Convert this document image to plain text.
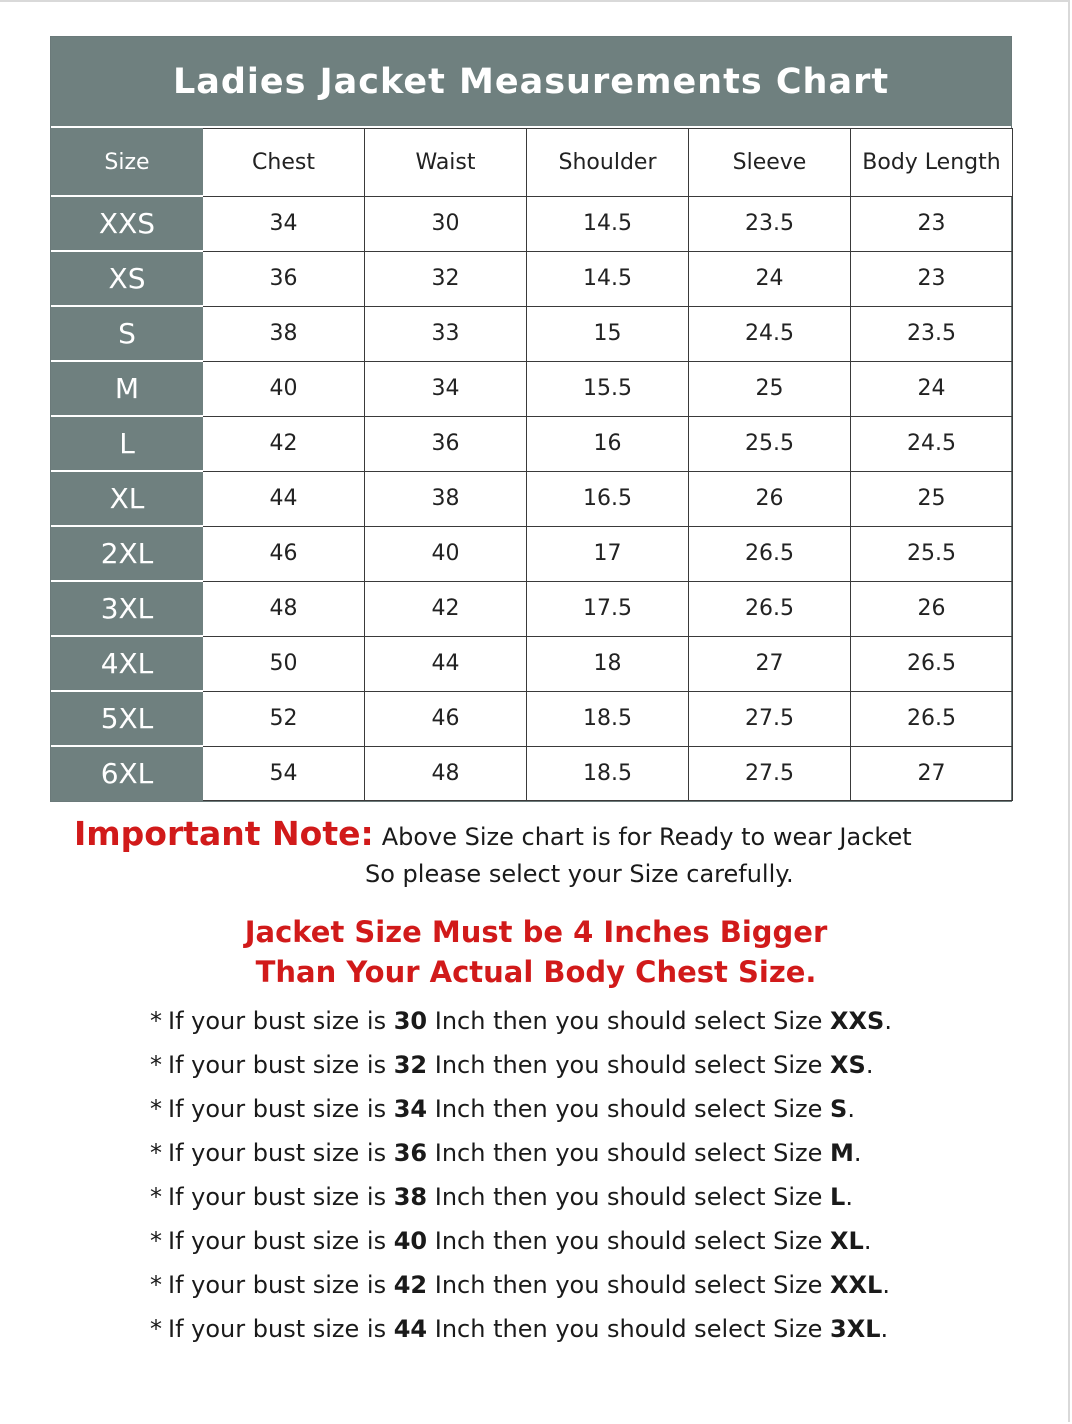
Ladies Jacket Measurements Chart
Size	Chest	Waist	Shoulder	Sleeve	Body Length
XXS	34	30	14.5	23.5	23
XS	36	32	14.5	24	23
S	38	33	15	24.5	23.5
M	40	34	15.5	25	24
L	42	36	16	25.5	24.5
XL	44	38	16.5	26	25
2XL	46	40	17	26.5	25.5
3XL	48	42	17.5	26.5	26
4XL	50	44	18	27	26.5
5XL	52	46	18.5	27.5	26.5
6XL	54	48	18.5	27.5	27
Important Note: Above Size chart is for Ready to wear Jacket
So please select your Size carefully.
Jacket Size Must be 4 Inches Bigger
Than Your Actual Body Chest Size.
* If your bust size is
30
Inch then you should select Size
XXS .
* If your bust size is
32
Inch then you should select Size
XS .
* If your bust size is
34
Inch then you should select Size
S .
* If your bust size is
36
Inch then you should select Size
M .
* If your bust size is
38
Inch then you should select Size
L .
* If your bust size is
40
Inch then you should select Size
XL .
* If your bust size is
42
Inch then you should select Size
XXL .
* If your bust size is
44
Inch then you should select Size
3XL .
